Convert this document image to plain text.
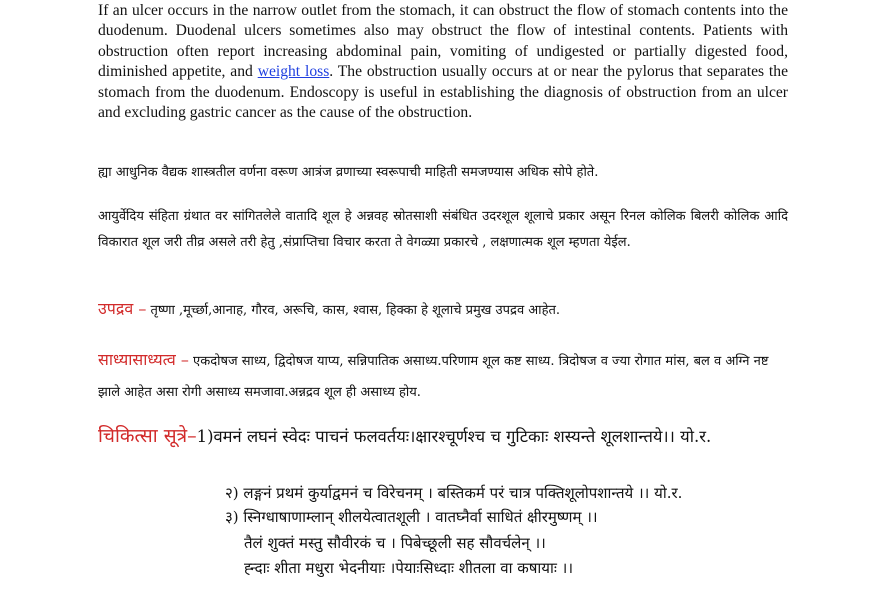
If an ulcer occurs in the narrow outlet from the stomach, it can obstruct the flow of stomach contents into the duodenum. Duodenal ulcers sometimes also may obstruct the flow of intestinal contents. Patients with obstruction often report increasing abdominal pain, vomiting of undigested or partially digested food, diminished appetite, and weight loss. The obstruction usually occurs at or near the pylorus that separates the stomach from the duodenum. Endoscopy is useful in establishing the diagnosis of obstruction from an ulcer and excluding gastric cancer as the cause of the obstruction.
ह्या आधुनिक वैद्यक शास्त्रतील वर्णना वरूण आत्रंज व्रणाच्या स्वरूपाची माहिती समजण्यास अधिक सोपे होते.
आयुर्वेदिय संहिता ग्रंथात वर सांगितलेले वातादि शूल हे अन्नवह स्रोतसाशी संबंधित उदरशूल शूलाचे प्रकार असून रिनल कोलिक बिलरी कोलिक आदि विकारात शूल जरी तीव्र असले तरी हेतु ,संप्राप्तिचा विचार करता ते वेगळ्या प्रकारचे , लक्षणात्मक शूल म्हणता येईल.
उपद्रव – तृष्णा ,मूर्च्छा,आनाह, गौरव, अरूचि, कास, श्वास, हिक्का हे शूलाचे प्रमुख उपद्रव आहेत.
साध्यासाध्यत्व – एकदोषज साध्य, द्विदोषज याप्य, सन्निपातिक असाध्य.परिणाम शूल कष्ट साध्य. त्रिदोषज व ज्या रोगात मांस, बल व अग्नि नष्ट झाले आहेत असा रोगी असाध्य समजावा.अन्नद्रव शूल ही असाध्य होय.
चिकित्सा सूत्रे–1)वमनं लघनं स्वेदः पाचनं फलवर्तयः।क्षारश्चूर्णश्च च गुटिकाः शस्यन्ते शूलशान्तये।। यो.र.
२) लङ्गनं प्रथमं कुर्याद्वमनं च विरेचनम् । बस्तिकर्म परं चात्र पक्तिशूलोपशान्तये ।। यो.र.
३) स्निग्धाषाणाम्लान् शीलयेत्वातशूली । वातघ्नैर्वा साधितं क्षीरमुष्णम् ।।
तैलं शुक्तं मस्तु सौवीरकं च । पिबेच्छूली सह सौवर्चलेन् ।।
ह्न्दाः शीता मधुरा भेदनीयाः ।पेयाःसिध्दाः शीतला वा कषायाः ।।
